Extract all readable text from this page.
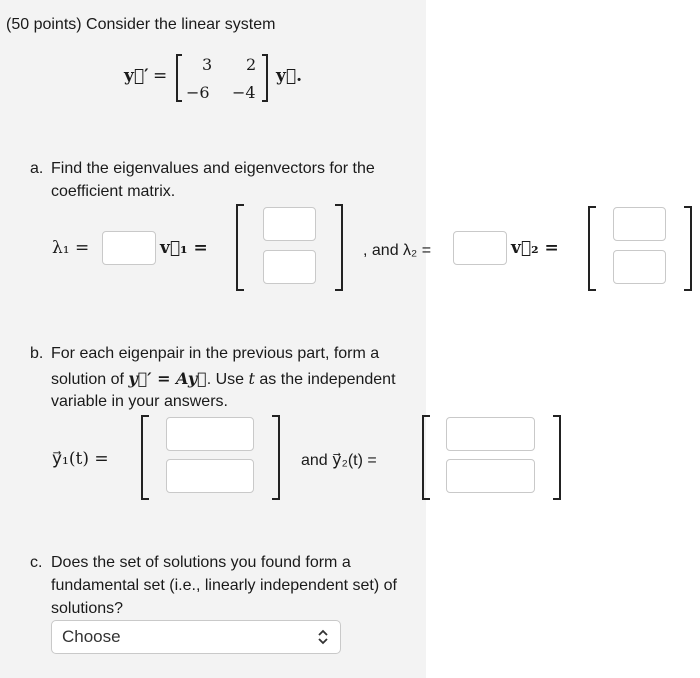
(50 points) Consider the linear system
y⃗′ =
3 2
−6 −4
y⃗.
a. Find the eigenvalues and eigenvectors for the
coefficient matrix.
λ₁ =	v⃗₁ =	, and λ₂ =	v⃗₂ =
b. For each eigenpair in the previous part, form a
solution of y⃗′ = Ay⃗. Use t as the independent
variable in your answers.
y⃗₁(t) =	and y⃗₂(t) =
c. Does the set of solutions you found form a
fundamental set (i.e., linearly independent set) of
solutions?
Choose
